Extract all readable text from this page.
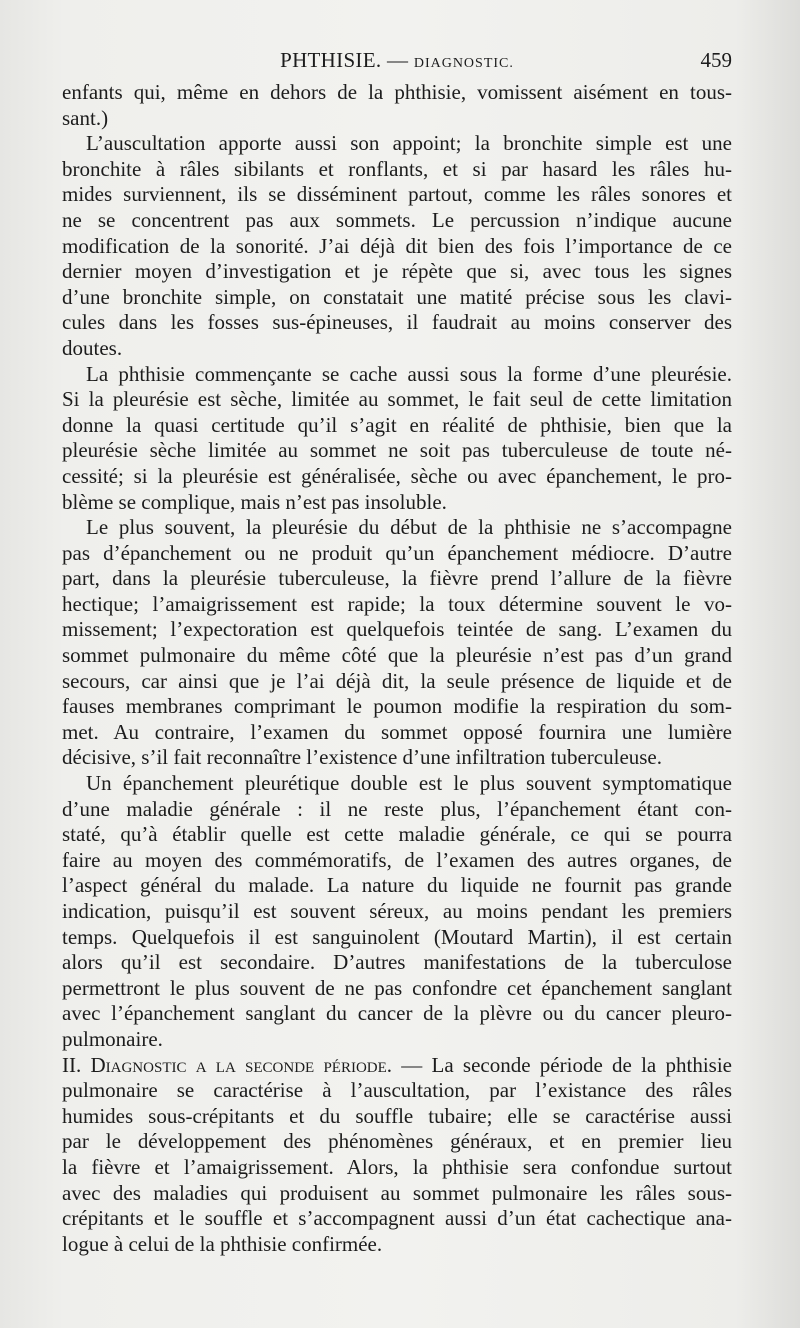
PHTHISIE. — DIAGNOSTIC.	459
enfants qui, même en dehors de la phthisie, vomissent aisément en tous-
sant.)
L’auscultation apporte aussi son appoint; la bronchite simple est une
bronchite à râles sibilants et ronflants, et si par hasard les râles hu-
mides surviennent, ils se disséminent partout, comme les râles sonores et
ne se concentrent pas aux sommets. Le percussion n’indique aucune
modification de la sonorité. J’ai déjà dit bien des fois l’importance de ce
dernier moyen d’investigation et je répète que si, avec tous les signes
d’une bronchite simple, on constatait une matité précise sous les clavi-
cules dans les fosses sus-épineuses, il faudrait au moins conserver des
doutes.
La phthisie commençante se cache aussi sous la forme d’une pleurésie.
Si la pleurésie est sèche, limitée au sommet, le fait seul de cette limitation
donne la quasi certitude qu’il s’agit en réalité de phthisie, bien que la
pleurésie sèche limitée au sommet ne soit pas tuberculeuse de toute né-
cessité; si la pleurésie est généralisée, sèche ou avec épanchement, le pro-
blème se complique, mais n’est pas insoluble.
Le plus souvent, la pleurésie du début de la phthisie ne s’accompagne
pas d’épanchement ou ne produit qu’un épanchement médiocre. D’autre
part, dans la pleurésie tuberculeuse, la fièvre prend l’allure de la fièvre
hectique; l’amaigrissement est rapide; la toux détermine souvent le vo-
missement; l’expectoration est quelquefois teintée de sang. L’examen du
sommet pulmonaire du même côté que la pleurésie n’est pas d’un grand
secours, car ainsi que je l’ai déjà dit, la seule présence de liquide et de
fauses membranes comprimant le poumon modifie la respiration du som-
met. Au contraire, l’examen du sommet opposé fournira une lumière
décisive, s’il fait reconnaître l’existence d’une infiltration tuberculeuse.
Un épanchement pleurétique double est le plus souvent symptomatique
d’une maladie générale : il ne reste plus, l’épanchement étant con-
staté, qu’à établir quelle est cette maladie générale, ce qui se pourra
faire au moyen des commémoratifs, de l’examen des autres organes, de
l’aspect général du malade. La nature du liquide ne fournit pas grande
indication, puisqu’il est souvent séreux, au moins pendant les premiers
temps. Quelquefois il est sanguinolent (Moutard Martin), il est certain
alors qu’il est secondaire. D’autres manifestations de la tuberculose
permettront le plus souvent de ne pas confondre cet épanchement sanglant
avec l’épanchement sanglant du cancer de la plèvre ou du cancer pleuro-
pulmonaire.
II. Diagnostic a la seconde période. — La seconde période de la phthisie
pulmonaire se caractérise à l’auscultation, par l’existance des râles
humides sous-crépitants et du souffle tubaire; elle se caractérise aussi
par le développement des phénomènes généraux, et en premier lieu
la fièvre et l’amaigrissement. Alors, la phthisie sera confondue surtout
avec des maladies qui produisent au sommet pulmonaire les râles sous-
crépitants et le souffle et s’accompagnent aussi d’un état cachectique ana-
logue à celui de la phthisie confirmée.
